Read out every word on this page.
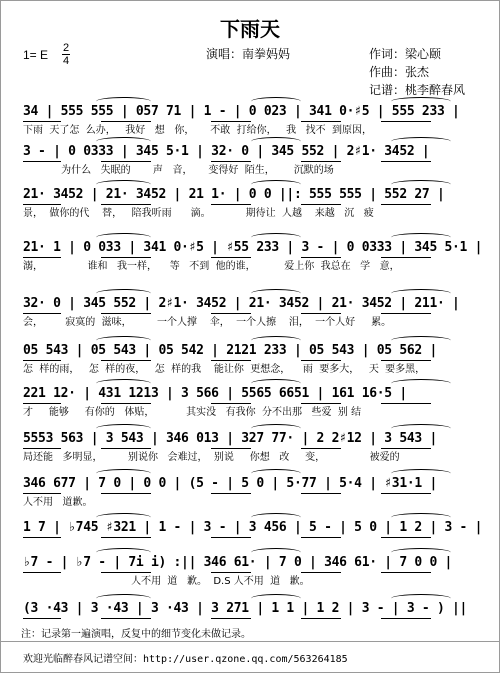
下雨天
1= E 2
4	演唱：南拳妈妈	作词：梁心颐
作曲：张杰
记谱：桃李醉春风
34 | 555 555 | 057 71 | 1 - | 0 023 | 341 0·♯5 | 555 233 |
下雨  天了怎  么办，   我好   想   你，     不敢  打给你，   我   找不  到原因，
3 - | 0 0333 | 345 5·1 | 32· 0 | 345 552 | 2♯1· 3452 |
为什么   失眠的       声   音，     变得好  陌生，      沉默的场
21· 3452 | 21· 3452 | 21 1· | 0 0 ||: 555 555 | 552 27 |
景，  做你的代    替，   陪我听雨      滴。           期待让  人越    来越   沉   疲
21· 1 | 0 033 | 341 0·♯5 | ♯55 233 | 3 - | 0 0333 | 345 5·1 |
溺，              谁和   我一样，    等   不到  他的谁，         爱上你  我总在   学   意，
32· 0 | 345 552 | 2♯1· 3452 | 21· 3452 | 21· 3452 | 211· |
会，       寂寞的  滋味，        一个人撑    伞，  一个人擦    泪，  一个人好     累。
05 543 | 05 543 | 05 542 | 2121 233 | 05 543 | 05 562 |
怎  样的雨，   怎  样的夜，   怎  样的我    能让你  更想念，    雨  要多大，   天  要多黑，
221 12· | 431 1213 | 3 566 | 5565 6651 | 161 16·5 |
才     能够     有你的   体贴，          其实没   有我你  分不出那   些爱  别 结
5553 563 | 3 543 | 346 013 | 327 77· | 2 2♯12 | 3 543 |
局还能   多明显，        别说你   会难过，  别说     你想   改     变，              被爱的
346 677 | 7 0 | 0 0 | (5 - | 5 0 | 5·77 | 5·4 | ♯31·1 |
人不用   道歉。
1 7 | ♭745 ♯321 | 1 - | 3 - | 3 456 | 5 - | 5 0 | 1 2 | 3 - |
♭7 - | ♭7 - | 7i i) :|| 346 61· | 7 0 | 346 61· | 7 0 0 |
人不用  道   歉。  D.S 人不用  道   歉。
(3 ·43 | 3 ·43 | 3 ·43 | 3 271 | 1 1 | 1 2 | 3 - | 3 - ) ||
注：记录第一遍演唱，反复中的细节变化未做记录。
欢迎光临醉春风记谱空间：http://user.qzone.qq.com/563264185
